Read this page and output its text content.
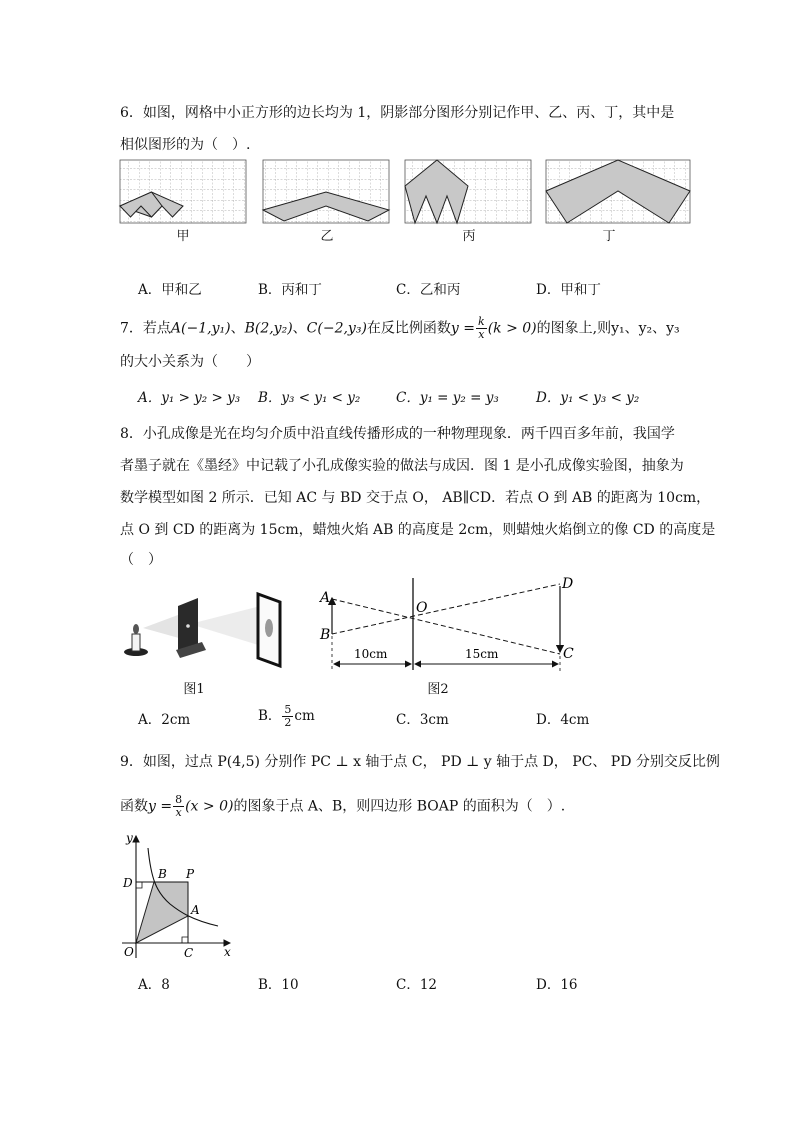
6．如图，网格中小正方形的边长均为 1，阴影部分图形分别记作甲、乙、丙、丁，其中是
相似图形的为（　）.
甲	乙	丙	丁
A．甲和乙	B．丙和丁	C．乙和丙	D．甲和丁
7．若点A(−1,y₁)、B(2,y₂)、C(−2,y₃)在反比例函数$y = \frac{k}{x} (k > 0)$的图象上,则y₁、y₂、y₃
的大小关系为（　　）
A．y₁ > y₂ > y₃ B．y₃ < y₁ < y₂	C．y₁ = y₂ = y₃	D．y₁ < y₃ < y₂
8．小孔成像是光在均匀介质中沿直线传播形成的一种物理现象．两千四百多年前，我国学
者墨子就在《墨经》中记载了小孔成像实验的做法与成因．图 1 是小孔成像实验图，抽象为
数学模型如图 2 所示．已知 AC 与 BD 交于点 O， AB∥CD．若点 O 到 AB 的距离为 10cm，
点 O 到 CD 的距离为 15cm，蜡烛火焰 AB 的高度是 2cm，则蜡烛火焰倒立的像 CD 的高度是
（　）
A
B
O
C
D
10cm	15cm
图1	图2
A．2cm	B． $\frac{5}{2}$ cm	C．3cm	D．4cm
9．如图，过点 P(4,5) 分别作 PC ⊥ x 轴于点 C， PD ⊥ y 轴于点 D， PC、 PD 分别交反比例
函数$y = \frac{8}{x} (x > 0)$的图象于点 A、B，则四边形 BOAP 的面积为（　）.
y
x
O
B P
D
A
C
A．8	B．10	C．12	D．16
